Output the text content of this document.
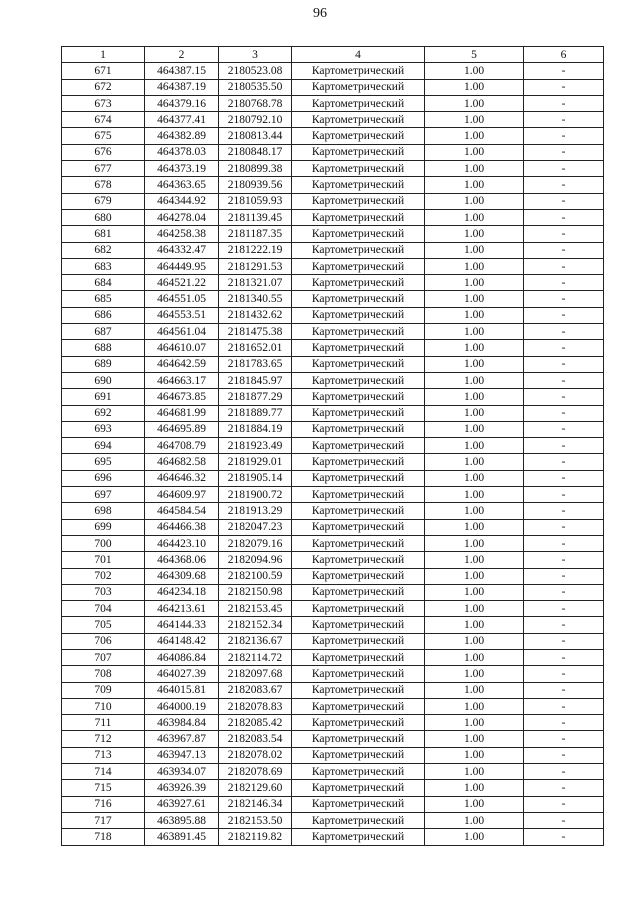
96
1	2	3	4	5	6
671	464387.15	2180523.08	Картометрический	1.00	-
672	464387.19	2180535.50	Картометрический	1.00	-
673	464379.16	2180768.78	Картометрический	1.00	-
674	464377.41	2180792.10	Картометрический	1.00	-
675	464382.89	2180813.44	Картометрический	1.00	-
676	464378.03	2180848.17	Картометрический	1.00	-
677	464373.19	2180899.38	Картометрический	1.00	-
678	464363.65	2180939.56	Картометрический	1.00	-
679	464344.92	2181059.93	Картометрический	1.00	-
680	464278.04	2181139.45	Картометрический	1.00	-
681	464258.38	2181187.35	Картометрический	1.00	-
682	464332.47	2181222.19	Картометрический	1.00	-
683	464449.95	2181291.53	Картометрический	1.00	-
684	464521.22	2181321.07	Картометрический	1.00	-
685	464551.05	2181340.55	Картометрический	1.00	-
686	464553.51	2181432.62	Картометрический	1.00	-
687	464561.04	2181475.38	Картометрический	1.00	-
688	464610.07	2181652.01	Картометрический	1.00	-
689	464642.59	2181783.65	Картометрический	1.00	-
690	464663.17	2181845.97	Картометрический	1.00	-
691	464673.85	2181877.29	Картометрический	1.00	-
692	464681.99	2181889.77	Картометрический	1.00	-
693	464695.89	2181884.19	Картометрический	1.00	-
694	464708.79	2181923.49	Картометрический	1.00	-
695	464682.58	2181929.01	Картометрический	1.00	-
696	464646.32	2181905.14	Картометрический	1.00	-
697	464609.97	2181900.72	Картометрический	1.00	-
698	464584.54	2181913.29	Картометрический	1.00	-
699	464466.38	2182047.23	Картометрический	1.00	-
700	464423.10	2182079.16	Картометрический	1.00	-
701	464368.06	2182094.96	Картометрический	1.00	-
702	464309.68	2182100.59	Картометрический	1.00	-
703	464234.18	2182150.98	Картометрический	1.00	-
704	464213.61	2182153.45	Картометрический	1.00	-
705	464144.33	2182152.34	Картометрический	1.00	-
706	464148.42	2182136.67	Картометрический	1.00	-
707	464086.84	2182114.72	Картометрический	1.00	-
708	464027.39	2182097.68	Картометрический	1.00	-
709	464015.81	2182083.67	Картометрический	1.00	-
710	464000.19	2182078.83	Картометрический	1.00	-
711	463984.84	2182085.42	Картометрический	1.00	-
712	463967.87	2182083.54	Картометрический	1.00	-
713	463947.13	2182078.02	Картометрический	1.00	-
714	463934.07	2182078.69	Картометрический	1.00	-
715	463926.39	2182129.60	Картометрический	1.00	-
716	463927.61	2182146.34	Картометрический	1.00	-
717	463895.88	2182153.50	Картометрический	1.00	-
718	463891.45	2182119.82	Картометрический	1.00	-
